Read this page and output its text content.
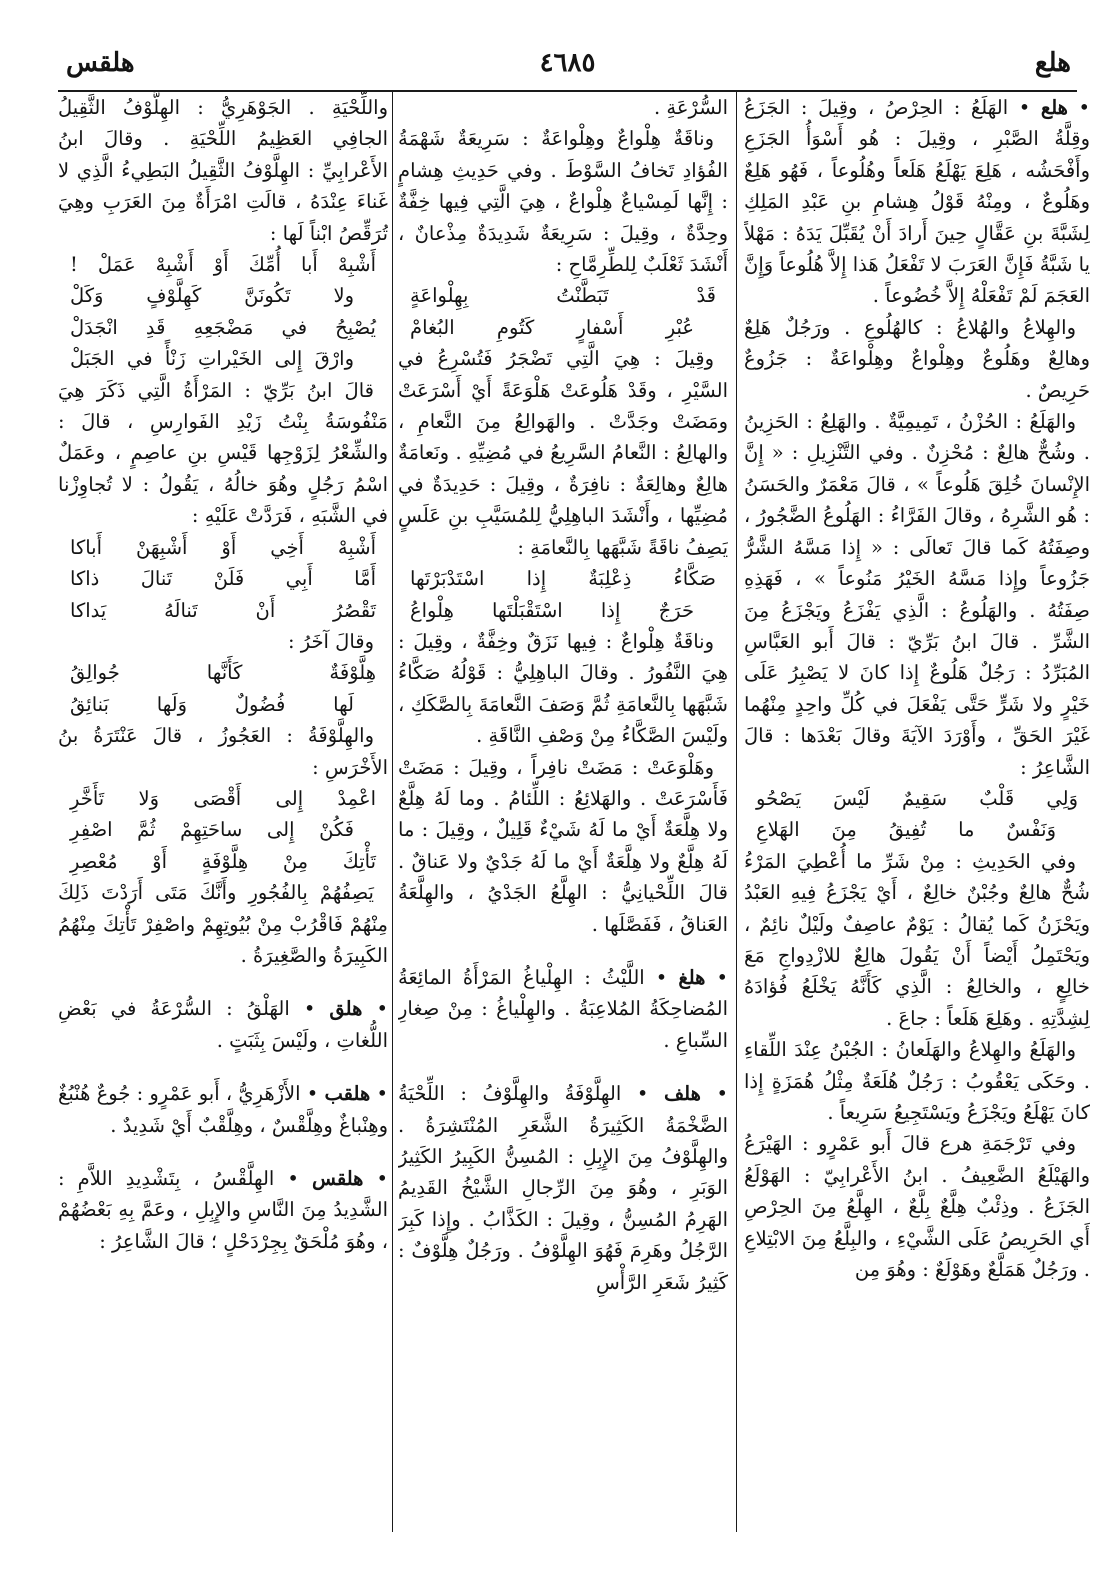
هلع
٤٦٨٥
هلقس

• هلع • الهَلَعُ : الحِرْصُ ، وقِيلَ : الجَزَعُ وقِلَّةُ الصَّبْرِ ، وقِيلَ : هُو أَسْوَأُ الجَزَعِ وأَفْحَشُه ، هَلِعَ يَهْلَعُ هَلَعاً وهُلُوعاً ، فَهُو هَلِعٌ وهَلُوعٌ ، ومِنْهُ قَوْلُ هِشامِ بنِ عَبْدِ المَلِكِ لِشَبَّةَ بنِ عَقَّالٍ حِينَ أَرادَ أَنْ يُقَبِّلَ يَدَهُ : مَهْلاً يا شَبَّةُ فَإِنَّ العَرَبَ لا تَفْعَلُ هَذا إِلاَّ هُلُوعاً وَإِنَّ العَجَمَ لَمْ تَفْعَلْهُ إِلاَّ خُضُوعاً .

والهِلاعُ والهُلاعُ : كالهُلُوعِ . ورَجُلٌ هَلِعٌ وهالِعٌ وهَلُوعٌ وهِلْواعٌ وهِلْواعَةٌ : جَزُوعٌ حَرِيصٌ .

والهَلَعُ : الحُزْنُ ، تَمِيمِيَّةٌ . والهَلِعُ : الحَزِينُ . وشُحٌّ هالِعٌ : مُحْزِنٌ . وفي التَّنْزِيلِ : « إِنَّ الإِنْسانَ خُلِقَ هَلُوعاً » ، قالَ مَعْمَرٌ والحَسَنُ : هُو الشَّرِهُ ، وقالَ الفَرَّاءُ : الهَلُوعُ الضَّجُورُ ، وصِفَتُهُ كَما قالَ تَعالَى : « إِذا مَسَّهُ الشَّرُّ جَزُوعاً وإِذا مَسَّهُ الخَيْرُ مَنُوعاً » ، فَهَذِهِ صِفَتُهُ . والهَلُوعُ : الَّذِي يَفْزَعُ ويَجْزَعُ مِنَ الشَّرِّ . قالَ ابنُ بَرِّيّ : قالَ أَبو العَبَّاسِ المُبَرِّدُ : رَجُلٌ هَلُوعٌ إِذا كانَ لا يَصْبِرُ عَلَى خَيْرٍ ولا شَرٍّ حَتَّى يَفْعَلَ في كُلِّ واحِدٍ مِنْهُما غَيْرَ الحَقِّ ، وأَوْرَدَ الآيَةَ وقالَ بَعْدَها : قالَ الشَّاعِرُ :

وَلِي قَلْبٌ سَقِيمٌ لَيْسَ يَصْحُو

وَنَفْسٌ ما تُفِيقُ مِنَ الهَلاعِ

وفي الحَدِيثِ : مِنْ شَرِّ ما أُعْطِيَ المَرْءُ شُحٌّ هالِعٌ وجُبْنٌ خالِعٌ ، أَيْ يَجْزَعُ فِيهِ العَبْدُ ويَحْزَنُ كَما يُقالُ : يَوْمٌ عاصِفٌ ولَيْلٌ نائِمٌ ، ويَحْتَمِلُ أَيْضاً أَنْ يَقُولَ هالِعٌ للازْدِواجِ مَعَ خالِعٍ ، والخالِعُ : الَّذِي كَأَنَّهُ يَخْلَعُ فُؤادَهُ لِشِدَّتِهِ . وهَلِعَ هَلَعاً : جاعَ .

والهَلَعُ والهِلاعُ والهَلَعانُ : الجُبْنُ عِنْدَ اللِّقاءِ . وحَكَى يَعْقُوبُ : رَجُلٌ هُلَعَةٌ مِثْلُ هُمَزَةٍ إِذا كانَ يَهْلَعُ ويَجْزَعُ ويَسْتَجِيعُ سَرِيعاً .

وفي تَرْجَمَةِ هرع قالَ أَبو عَمْرٍو : الهَيْرَعُ والهَيْلَعُ الضَّعِيفُ . ابنُ الأَعْرابِيّ : الهَوْلَعُ الجَزَعُ . وذِئْبٌ هِلَّعٌ بِلَّعٌ ، الهِلَّعُ مِنَ الحِرْصِ أَي الحَرِيصُ عَلَى الشَّيْءِ ، والبِلَّعُ مِنَ الابْتِلاعِ . ورَجُلٌ هَمَلَّعٌ وهَوْلَعٌ : وهُوَ مِن

السُّرْعَةِ .

وناقَةٌ هِلْواعٌ وهِلْواعَةٌ : سَرِيعَةٌ شَهْمَةُ الفُؤادِ تَخافُ السَّوْطَ . وفي حَدِيثِ هِشامٍ : إِنَّها لَمِسْياعٌ هِلْواعٌ ، هِيَ الَّتِي فِيها خِفَّةٌ وحِدَّةٌ ، وقِيلَ : سَرِيعَةٌ شَدِيدَةٌ مِذْعانٌ ، أَنْشَدَ ثَعْلَبٌ لِلطِّرِمَّاحِ :

قَدْ تَبَطَّنْتُ بِهِلْواعَةٍ

عُبْرِ أَسْفارٍ كَتُومِ البُغامْ

وقِيلَ : هِيَ الَّتِي تَضْجَرُ فَتُسْرِعُ في السَّيْرِ ، وقَدْ هَلُوعَتْ هَلْوَعَةً أَيْ أَسْرَعَتْ ومَضَتْ وجَدَّتْ . والهَوالِعُ مِنَ النَّعامِ ، والهالِعُ : النَّعامُ السَّرِيعُ في مُضِيِّهِ . ونَعامَةٌ هالِعٌ وهالِعَةٌ : نافِرَةٌ ، وقِيلَ : حَدِيدَةٌ في مُضِيِّها ، وأَنْشَدَ الباهِلِيُّ لِلمُسَيَّبِ بنِ عَلَسٍ يَصِفُ ناقَةً شَبَّهَها بِالنَّعامَةِ :

صَكَّاءُ ذِعْلِبَةٌ إِذا اسْتَدْبَرْتَها

حَرَجٌ إِذا اسْتَقْبَلْتَها هِلْواعُ

وناقَةٌ هِلْواعٌ : فِيها نَزَقٌ وخِفَّةٌ ، وقِيلَ : هِيَ النَّفُورُ . وقالَ الباهِلِيُّ : قَوْلُهُ صَكَّاءُ شَبَّهَها بِالنَّعامَةِ ثُمَّ وَصَفَ النَّعامَةَ بِالصَّكَكِ ، ولَيْسَ الصَّكَّاءُ مِنْ وَصْفِ النَّاقَةِ .

وهَلْوَعَتْ : مَضَتْ نافِراً ، وقِيلَ : مَضَتْ فَأَسْرَعَتْ . والهَلائِعُ : اللِّئامُ . وما لَهُ هِلَّعٌ ولا هِلَّعَةٌ أَيْ ما لَهُ شَيْءٌ قَلِيلٌ ، وقِيلَ : ما لَهُ هِلَّعٌ ولا هِلَّعَةٌ أَيْ ما لَهُ جَدْيٌ ولا عَناقٌ . قالَ اللِّحْيانِيُّ : الهِلَّعُ الجَدْيُ ، والهِلَّعَةُ العَناقُ ، فَفَصَّلَها .

• هلغ • اللَّيْثُ : الهِلْياغُ المَرْأَةُ المائِعَةُ المُضاحِكَةُ المُلاعِبَةُ . والهِلْياغُ : مِنْ صِغارِ السِّباعِ .

• هلف • الهِلَّوْفَةُ والهِلَّوْفُ : اللِّحْيَةُ الضَّخْمَةُ الكَثِيرَةُ الشَّعَرِ المُنْتَشِرَةُ . والهِلَّوْفُ مِنَ الإِبِلِ : المُسِنُّ الكَبِيرُ الكَثِيرُ الوَبَرِ ، وهُوَ مِنَ الرِّجالِ الشَّيْخُ القَدِيمُ الهَرِمُ المُسِنُّ ، وقِيلَ : الكَذَّابُ . وإِذا كَبِرَ الرَّجُلُ وهَرِمَ فَهُوَ الهِلَّوْفُ . ورَجُلٌ هِلَّوْفٌ : كَثِيرُ شَعَرِ الرَّأْسِ

واللِّحْيَةِ . الجَوْهَرِيُّ : الهِلَّوْفُ الثَّقِيلُ الجافِي العَظِيمُ اللِّحْيَةِ . وقالَ ابنُ الأَعْرابِيِّ : الهِلَّوْفُ الثَّقِيلُ البَطِيءُ الَّذِي لا غَناءَ عِنْدَهُ ، قالَتِ امْرَأَةٌ مِنَ العَرَبِ وهِيَ تُرَقِّصُ ابْناً لَها :

أَشْبِهْ أَبا أُمِّكَ أَوْ أَشْبِهْ عَمَلْ !

ولا تَكُونَنَّ كَهِلَّوْفٍ وَكَلْ

يُصْبِحُ في مَضْجَعِهِ قَدِ انْجَدَلْ

وارْقَ إِلى الخَيْراتِ زَنْأً في الجَبَلْ

قالَ ابنُ بَرِّيّ : المَرْأَةُ الَّتِي ذَكَرَ هِيَ مَنْفُوسَةُ بِنْتُ زَيْدِ الفَوارِسِ ، قالَ : والشِّعْرُ لِزَوْجِها قَيْسِ بنِ عاصِمٍ ، وعَمَلٌ اسْمُ رَجُلٍ وهُوَ خالُهُ ، يَقُولُ : لا تُجاوِزْنا في الشَّبَهِ ، فَرَدَّتْ عَلَيْهِ :

أَشْبِهْ أَخِي أَوْ أَشْبِهَنْ أَباكا

أَمَّا أَبِي فَلَنْ تَنالَ ذاكا

تَقْصُرُ أَنْ تَنالَهُ يَداكا

وقالَ آخَرُ :

هِلَّوْفَةٌ كَأَنَّها جُوالِقُ

لَها فُضُولٌ وَلَها بَنائِقُ

والهِلَّوْفَةُ : العَجُوزُ ، قالَ عَنْتَرَةُ بنُ الأَخْرَسِ :

اعْمِدْ إِلى أَقْصَى وَلا تَأَخَّرِ

فَكُنْ إِلى ساحَتِهِمْ ثُمَّ اصْفِرِ

تَأْتِكَ مِنْ هِلَّوْفَةٍ أَوْ مُعْصِرِ

يَصِفُهُمْ بِالفُجُورِ وأَنَّكَ مَتَى أَرَدْتَ ذَلِكَ مِنْهُمْ فَاقْرُبْ مِنْ بُيُوتِهِمْ واصْفِرْ تَأْتِكَ مِنْهُمُ الكَبِيرَةُ والصَّغِيرَةُ .

• هلق • الهَلْقُ : السُّرْعَةُ في بَعْضِ اللُّغاتِ ، ولَيْسَ بِثَبَتٍ .

• هلقب • الأَزْهَرِيُّ ، أَبو عَمْرٍو : جُوعٌ هُنْبُغٌ وهِنْباغٌ وهِلَّقْسٌ ، وهِلَّقْبٌ أَيْ شَدِيدٌ .

• هلقس • الهِلَّقْسُ ، بِتَشْدِيدِ اللاَّمِ : الشَّدِيدُ مِنَ النَّاسِ والإِبِلِ ، وعَمَّ بِهِ بَعْضُهُمْ ، وهُوَ مُلْحَقٌ بِجِرْدَحْلٍ ؛ قالَ الشَّاعِرُ :
